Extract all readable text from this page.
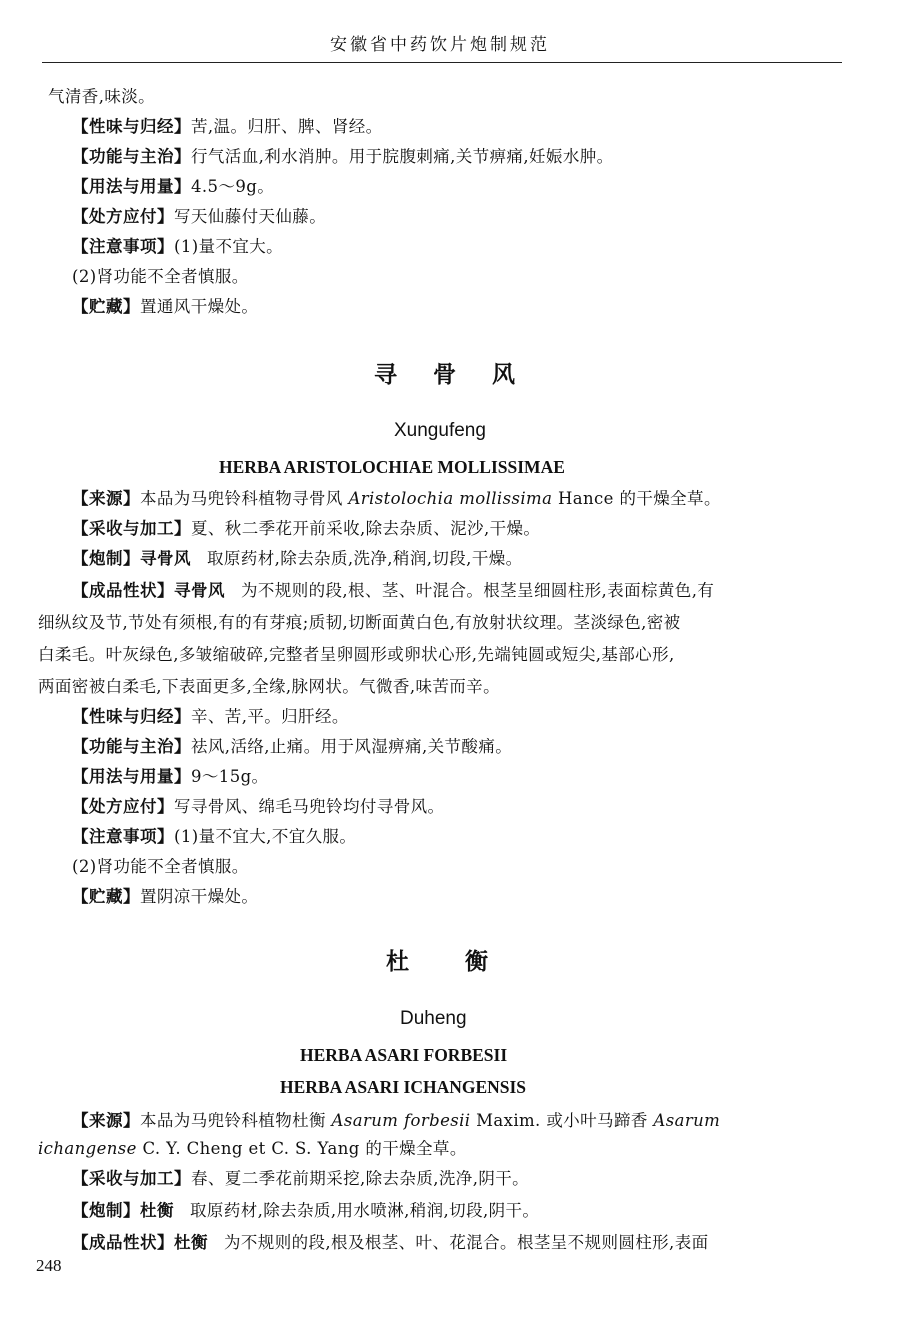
安徽省中药饮片炮制规范
气清香,味淡。
【性味与归经】苦,温。归肝、脾、肾经。
【功能与主治】行气活血,利水消肿。用于脘腹刺痛,关节痹痛,妊娠水肿。
【用法与用量】4.5～9g。
【处方应付】写天仙藤付天仙藤。
【注意事项】(1)量不宜大。
(2)肾功能不全者慎服。
【贮藏】置通风干燥处。
寻骨风
Xungufeng
HERBA ARISTOLOCHIAE MOLLISSIMAE
【来源】本品为马兜铃科植物寻骨风 Aristolochia mollissima Hance 的干燥全草。
【采收与加工】夏、秋二季花开前采收,除去杂质、泥沙,干燥。
【炮制】寻骨风 取原药材,除去杂质,洗净,稍润,切段,干燥。
【成品性状】寻骨风 为不规则的段,根、茎、叶混合。根茎呈细圆柱形,表面棕黄色,有
细纵纹及节,节处有须根,有的有芽痕;质韧,切断面黄白色,有放射状纹理。茎淡绿色,密被
白柔毛。叶灰绿色,多皱缩破碎,完整者呈卵圆形或卵状心形,先端钝圆或短尖,基部心形,
两面密被白柔毛,下表面更多,全缘,脉网状。气微香,味苦而辛。
【性味与归经】辛、苦,平。归肝经。
【功能与主治】祛风,活络,止痛。用于风湿痹痛,关节酸痛。
【用法与用量】9～15g。
【处方应付】写寻骨风、绵毛马兜铃均付寻骨风。
【注意事项】(1)量不宜大,不宜久服。
(2)肾功能不全者慎服。
【贮藏】置阴凉干燥处。
杜衡
Duheng
HERBA ASARI FORBESII
HERBA ASARI ICHANGENSIS
【来源】本品为马兜铃科植物杜衡 Asarum forbesii Maxim. 或小叶马蹄香 Asarum
ichangense C. Y. Cheng et C. S. Yang 的干燥全草。
【采收与加工】春、夏二季花前期采挖,除去杂质,洗净,阴干。
【炮制】杜衡 取原药材,除去杂质,用水喷淋,稍润,切段,阴干。
【成品性状】杜衡 为不规则的段,根及根茎、叶、花混合。根茎呈不规则圆柱形,表面
248
